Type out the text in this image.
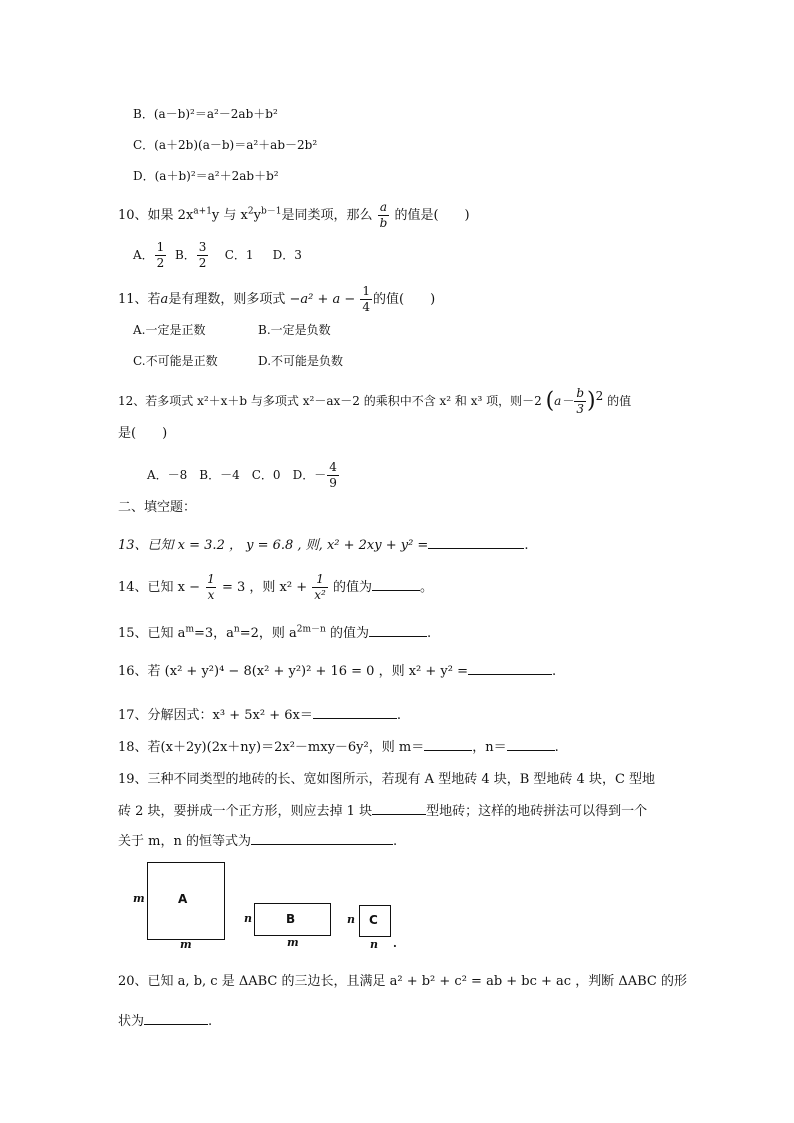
B．(a－b)²＝a²－2ab＋b²
C．(a＋2b)(a－b)＝a²＋ab－2b²
D．(a＋b)²＝a²＋2ab＋b²
10、如果 $2x^{a+1}y$ 与 $x^2y^{b-1}$是同类项，那么 $\frac{a}{b}$ 的值是(　　)
A． $\frac{1}{2}$ B． $\frac{3}{2}$ C．1 D．3
11、若a是有理数，则多项式 $-a^2 + a - \frac{1}{4}$ 的值(　　)
A.一定是正数	B.一定是负数
C.不可能是正数	D.不可能是负数
12、若多项式 x²＋x＋b 与多项式 x²－ax－2 的乘积中不含 x² 和 x³ 项，则－2 $(a- \frac{b}{3} )^2$ 的值
是(　　)
A．－8　B．－4　C．0　D．－ $\frac{4}{9}$
二、填空题：
13、已知 x = 3.2 ， y = 6.8 , 则, x² + 2xy + y² =	.
14、已知 $x - \frac{1}{x} = 3$ ，则 $x^2 + \frac{1}{\text{x²}}$ 的值为	。
15、已知 $a^m=3$，$a^n=2$，则 $a^{2m-n}$ 的值为	.
16、若 (x² + y²)⁴ − 8(x² + y²)² + 16 = 0 ，则 x² + y² =	.
17、分解因式：x³ + 5x² + 6x＝	.
18、若(x＋2y)(2x＋ny)＝2x²－mxy－6y²，则 m＝	，n＝	.
19、三种不同类型的地砖的长、宽如图所示，若现有 A 型地砖 4 块，B 型地砖 4 块，C 型地
砖 2 块，要拼成一个正方形，则应去掉 1 块	型地砖；这样的地砖拼法可以得到一个
关于 m，n 的恒等式为	.
A
m
m
B
n
m
C
n
n .
20、已知 a, b, c 是 ΔABC 的三边长，且满足 a² + b² + c² = ab + bc + ac ，判断 ΔABC 的形
状为	.
